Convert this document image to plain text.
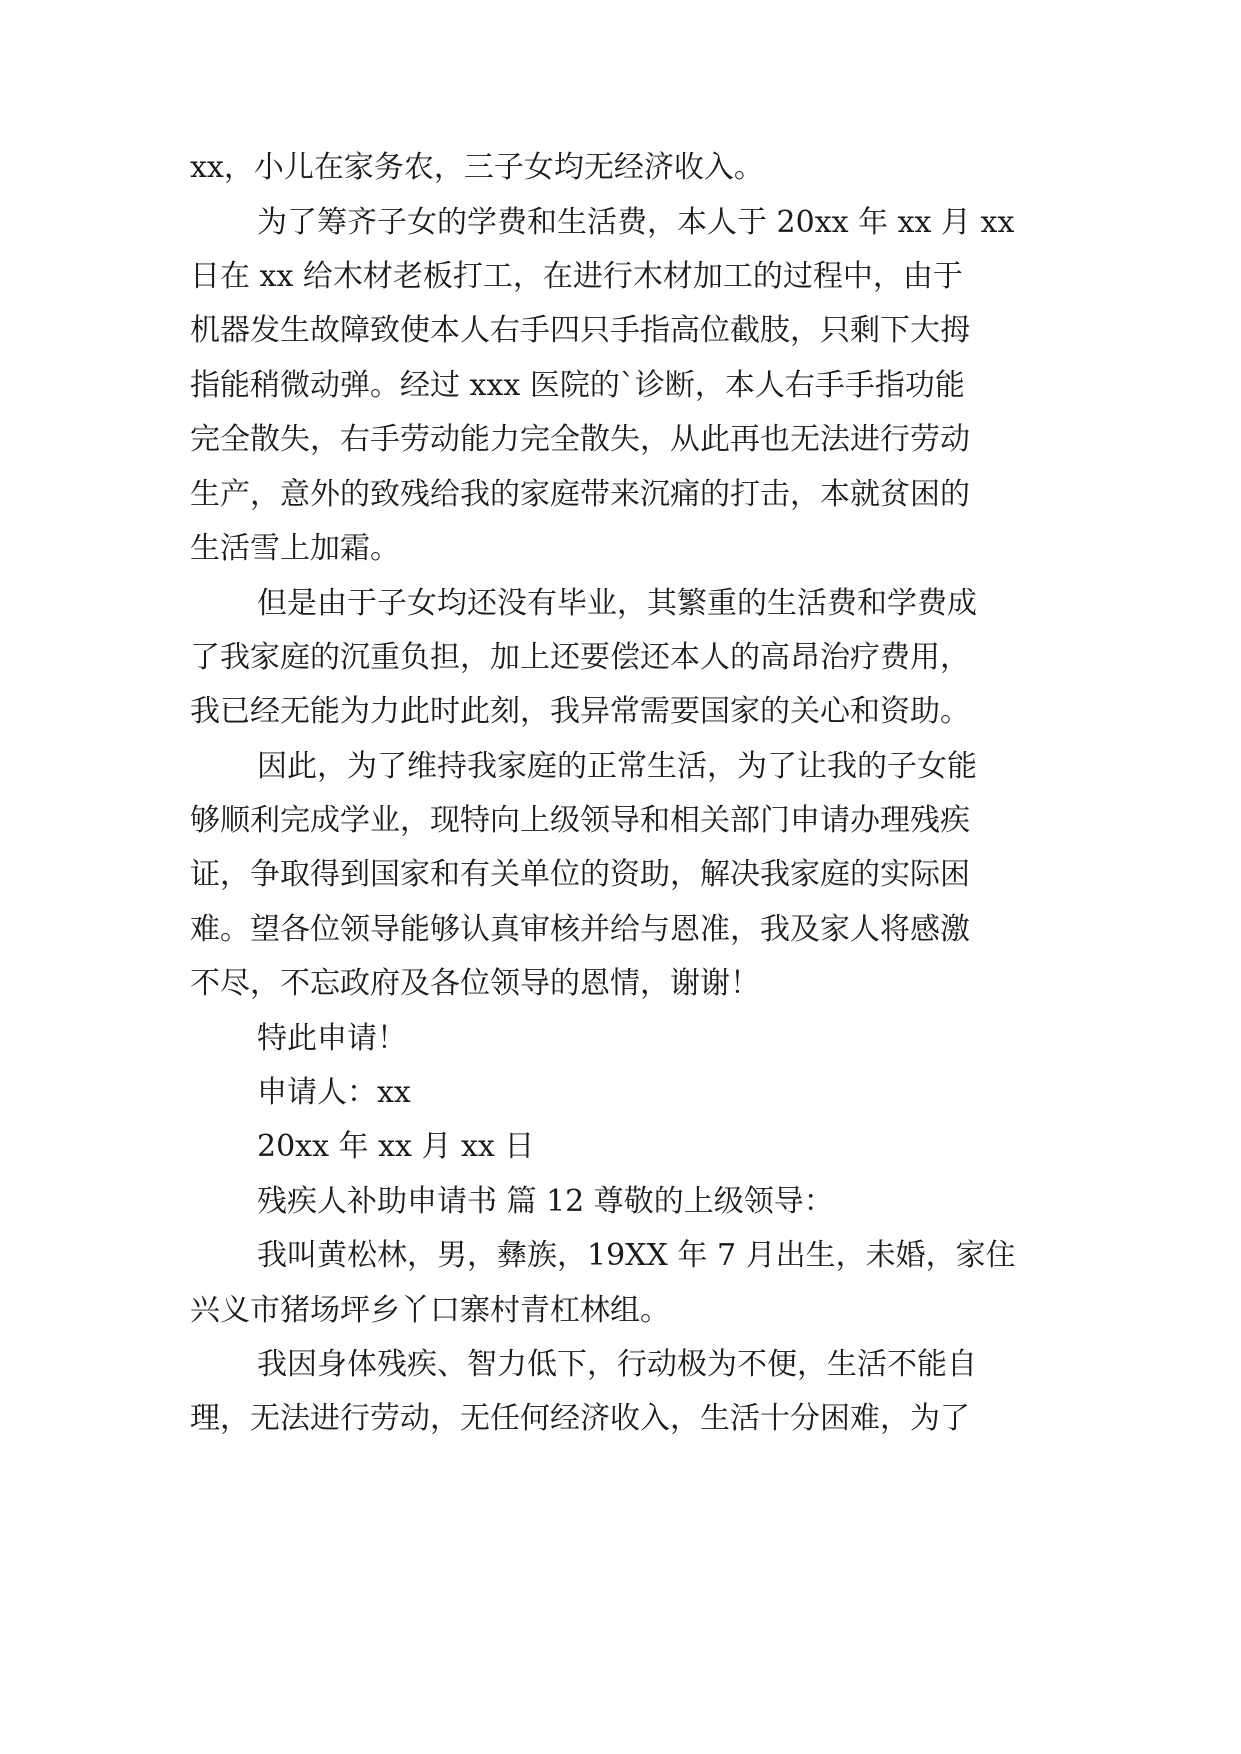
xx，小儿在家务农，三子女均无经济收入。
为了筹齐子女的学费和生活费，本人于 20xx 年 xx 月 xx
日在 xx 给木材老板打工，在进行木材加工的过程中，由于
机器发生故障致使本人右手四只手指高位截肢，只剩下大拇
指能稍微动弹。经过 xxx 医院的`诊断，本人右手手指功能
完全散失，右手劳动能力完全散失，从此再也无法进行劳动
生产，意外的致残给我的家庭带来沉痛的打击，本就贫困的
生活雪上加霜。
但是由于子女均还没有毕业，其繁重的生活费和学费成
了我家庭的沉重负担，加上还要偿还本人的高昂治疗费用，
我已经无能为力此时此刻，我异常需要国家的关心和资助。
因此，为了维持我家庭的正常生活，为了让我的子女能
够顺利完成学业，现特向上级领导和相关部门申请办理残疾
证，争取得到国家和有关单位的资助，解决我家庭的实际困
难。望各位领导能够认真审核并给与恩准，我及家人将感激
不尽，不忘政府及各位领导的恩情，谢谢！
特此申请！
申请人：xx
20xx 年 xx 月 xx 日
残疾人补助申请书 篇 12 尊敬的上级领导：
我叫黄松林，男，彝族，19XX 年 7 月出生，未婚，家住
兴义市猪场坪乡丫口寨村青杠林组。
我因身体残疾、智力低下，行动极为不便，生活不能自
理，无法进行劳动，无任何经济收入，生活十分困难，为了
